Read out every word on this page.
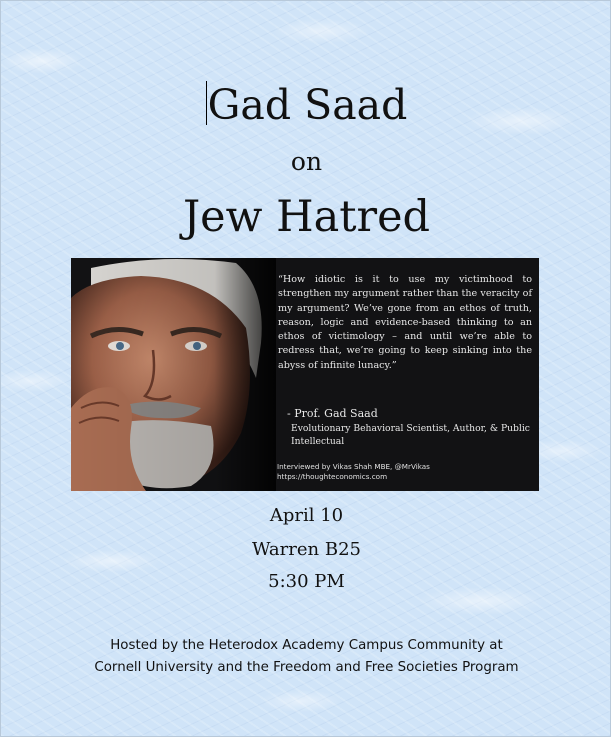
Gad Saad
on
Jew Hatred
“How idiotic is it to use my victimhood to strengthen my argument rather than the veracity of my argument? We’ve gone from an ethos of truth, reason, logic and evidence-based thinking to an ethos of victimology – and until we’re able to redress that, we’re going to keep sinking into the abyss of infinite lunacy.”
- Prof. Gad Saad
Evolutionary Behavioral Scientist, Author, & Public Intellectual
Interviewed by Vikas Shah MBE, @MrVikas
https://thoughteconomics.com
April 10
Warren B25
5:30 PM
Hosted by the Heterodox Academy Campus Community at
Cornell University and the Freedom and Free Societies Program
